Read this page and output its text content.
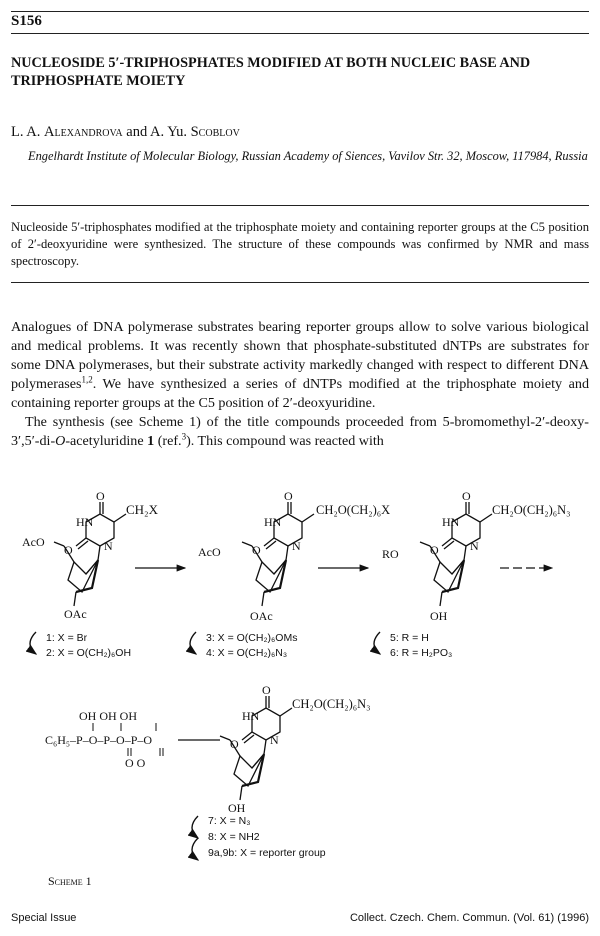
S156
NUCLEOSIDE 5′-TRIPHOSPHATES MODIFIED AT BOTH NUCLEIC BASE AND TRIPHOSPHATE MOIETY
L. A. Alexandrova and A. Yu. Scoblov
Engelhardt Institute of Molecular Biology, Russian Academy of Siences, Vavilov Str. 32, Moscow, 117984, Russia
Nucleoside 5′-triphosphates modified at the triphosphate moiety and containing reporter groups at the C5 position of 2′-deoxyuridine were synthesized. The structure of these compounds was confirmed by NMR and mass spectroscopy.

Analogues of DNA polymerase substrates bearing reporter groups allow to solve various biological and medical problems. It was recently shown that phosphate-substituted dNTPs are substrates for some DNA polymerases, but their substrate activity markedly changed with respect to different DNA polymerases$^{1,2}$. We have synthesized a series of dNTPs modified at the triphosphate moiety and containing reporter groups at the C5 position of 2′-deoxyuridine.

The synthesis (see Scheme 1) of the title compounds proceeded from 5-bromomethyl-2′-deoxy-3′,5′-di-O-acetyluridine 1 (ref.$^3$). This compound was reacted with

HN
O
O	N
CH₂X
AcO
OAc
HN
O
O	N
CH₂O(CH₂)₆X
AcO
OAc
HN
O
O	N
CH₂O(CH₂)₆N₃
RO
OH
1: X = Br
2: X = O(CH₂)₆OH
3: X = O(CH₂)₆OMs
4: X = O(CH₂)₆N₃
5: R = H
6: R = H₂PO₃
HN
O
O	N
CH₂O(CH₂)₆N₃
OH
OH OH OH
C₆H₅–P–O–P–O–P–O
O O
7: X = N₃
8: X = NH2
9a,9b: X = reporter group
Scheme 1
Special Issue	Collect. Czech. Chem. Commun. (Vol. 61) (1996)
